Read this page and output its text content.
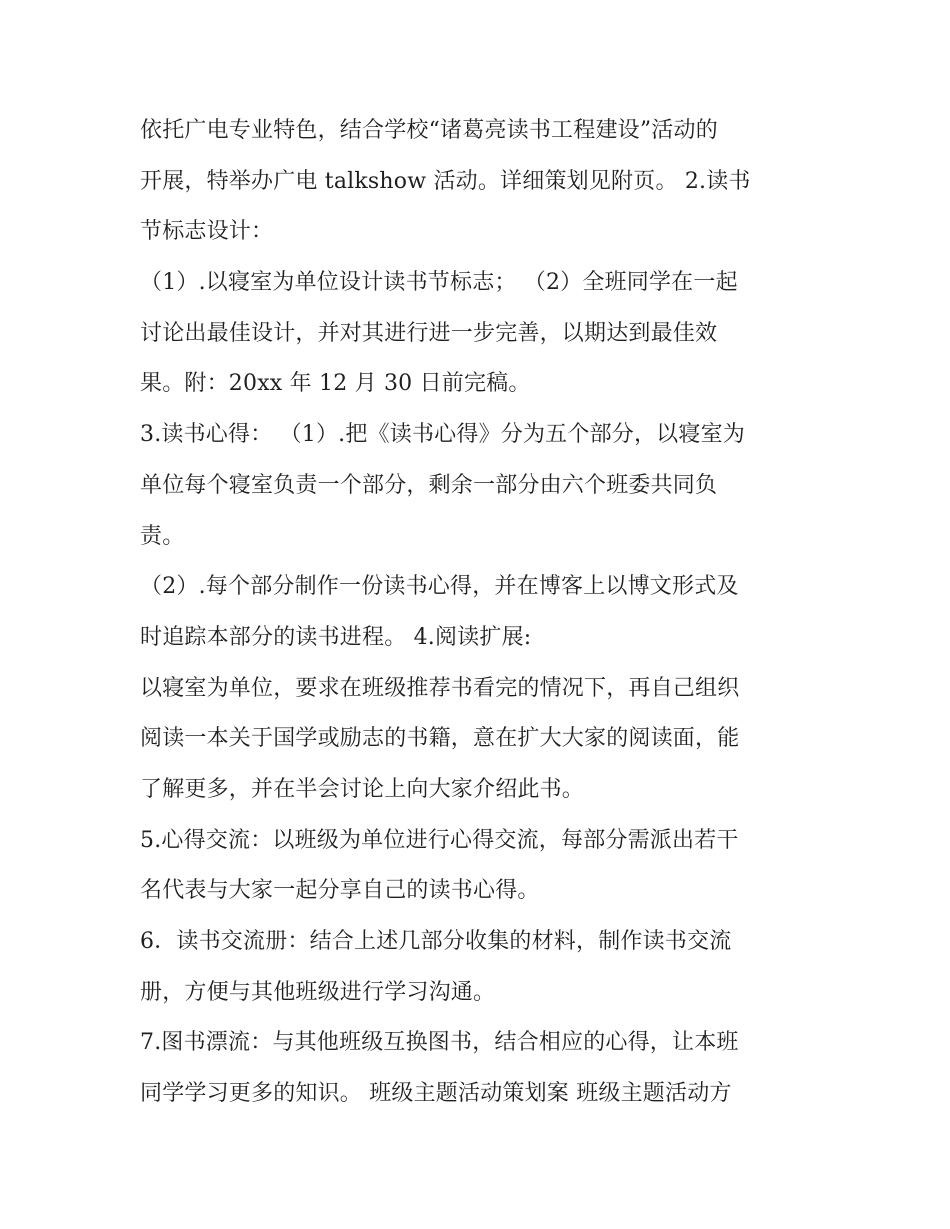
依托广电专业特色，结合学校“诸葛亮读书工程建设”活动的
开展，特举办广电 talkshow 活动。详细策划见附页。 2.读书
节标志设计：
（1）.以寝室为单位设计读书节标志； （2）全班同学在一起
讨论出最佳设计，并对其进行进一步完善，以期达到最佳效
果。附：20xx 年 12 月 30 日前完稿。
3.读书心得： （1）.把《读书心得》分为五个部分，以寝室为
单位每个寝室负责一个部分，剩余一部分由六个班委共同负
责。
（2）.每个部分制作一份读书心得，并在博客上以博文形式及
时追踪本部分的读书进程。 4.阅读扩展:
以寝室为单位，要求在班级推荐书看完的情况下，再自己组织
阅读一本关于国学或励志的书籍，意在扩大大家的阅读面，能
了解更多，并在半会讨论上向大家介绍此书。
5.心得交流：以班级为单位进行心得交流，每部分需派出若干
名代表与大家一起分享自己的读书心得。
6．读书交流册：结合上述几部分收集的材料，制作读书交流
册，方便与其他班级进行学习沟通。
7.图书漂流：与其他班级互换图书，结合相应的心得，让本班
同学学习更多的知识。 班级主题活动策划案 班级主题活动方
